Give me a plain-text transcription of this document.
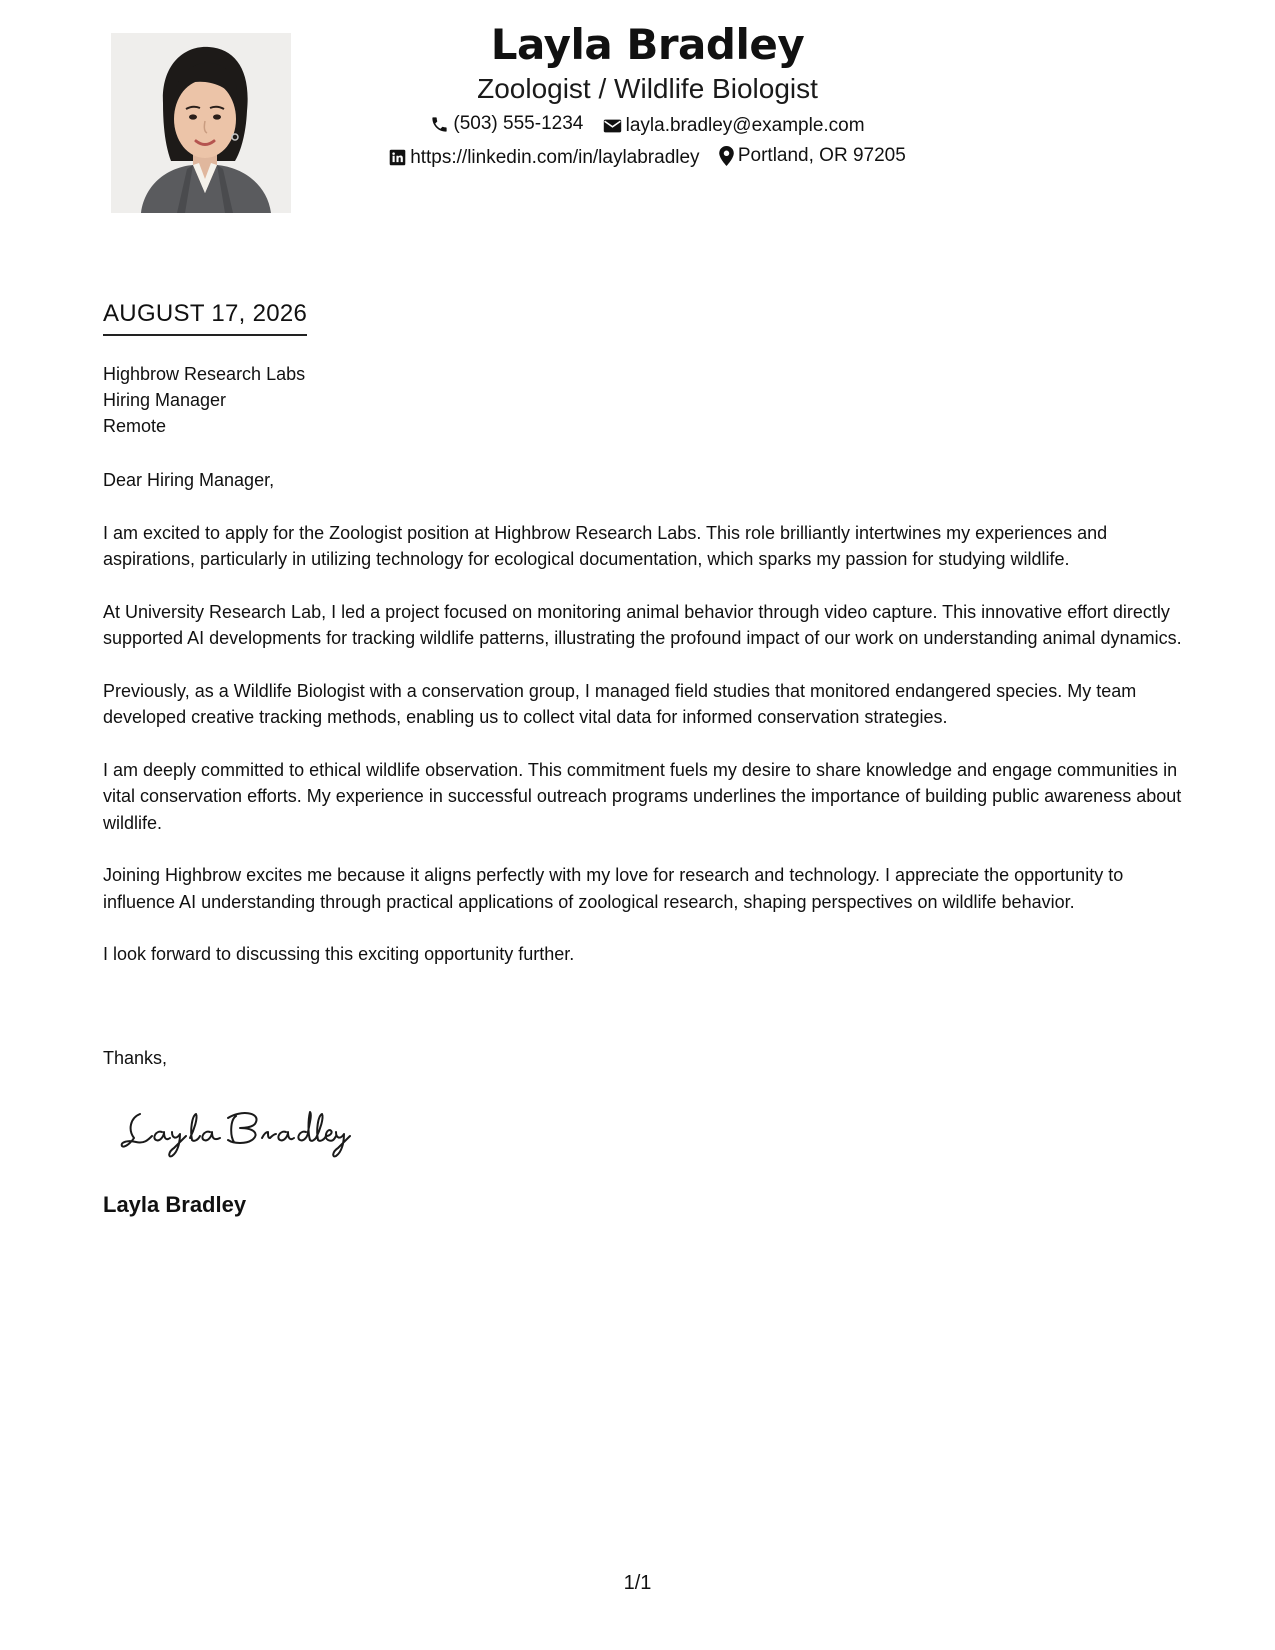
Layla Bradley
Zoologist / Wildlife Biologist
(503) 555-1234
layla.bradley@example.com
https://linkedin.com/in/laylabradley
Portland, OR 97205
AUGUST 17, 2026
Highbrow Research Labs
Hiring Manager
Remote

Dear Hiring Manager,

I am excited to apply for the Zoologist position at Highbrow Research Labs. This role brilliantly intertwines my experiences and aspirations, particularly in utilizing technology for ecological documentation, which sparks my passion for studying wildlife.

At University Research Lab, I led a project focused on monitoring animal behavior through video capture. This innovative effort directly supported AI developments for tracking wildlife patterns, illustrating the profound impact of our work on understanding animal dynamics.

Previously, as a Wildlife Biologist with a conservation group, I managed field studies that monitored endangered species. My team developed creative tracking methods, enabling us to collect vital data for informed conservation strategies.

I am deeply committed to ethical wildlife observation. This commitment fuels my desire to share knowledge and engage communities in vital conservation efforts. My experience in successful outreach programs underlines the importance of building public awareness about wildlife.

Joining Highbrow excites me because it aligns perfectly with my love for research and technology. I appreciate the opportunity to influence AI understanding through practical applications of zoological research, shaping perspectives on wildlife behavior.

I look forward to discussing this exciting opportunity further.

Thanks,
Layla Bradley
1/1
